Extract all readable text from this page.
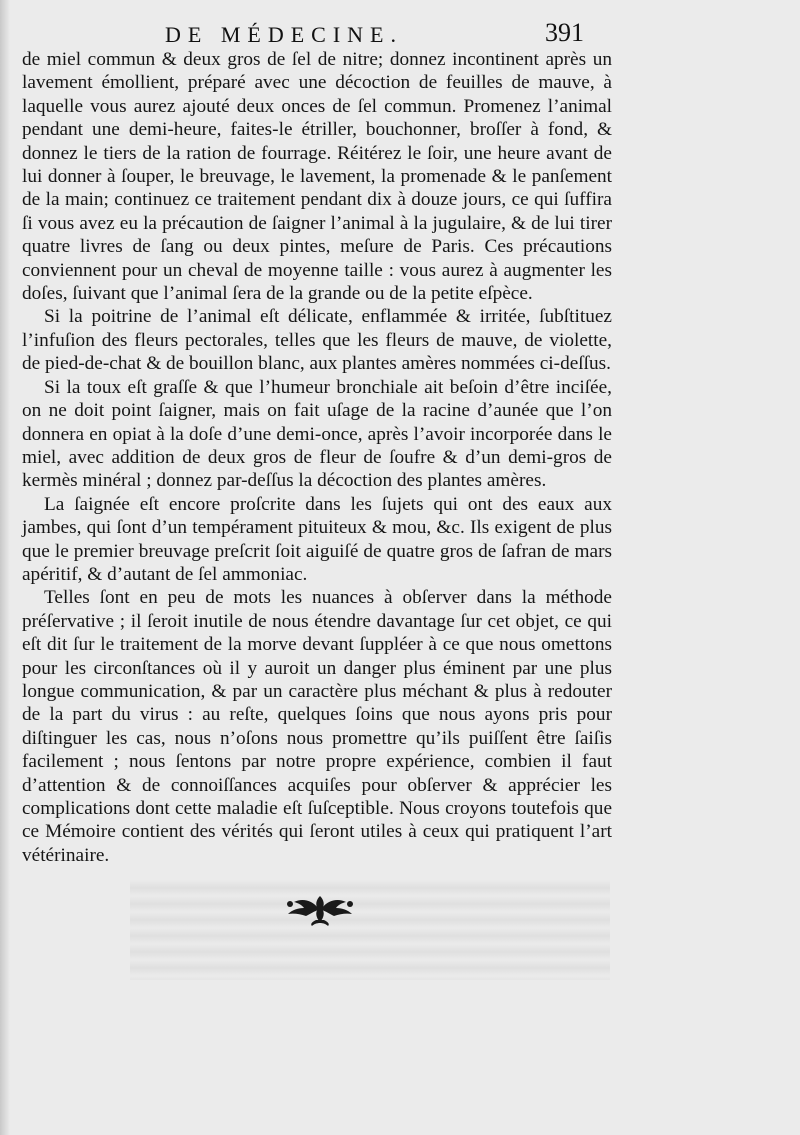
DE MÉDECINE.	391

de miel commun & deux gros de ſel de nitre; donnez incontinent après un lavement émollient, préparé avec une décoction de feuilles de mauve, à laquelle vous aurez ajouté deux onces de ſel commun. Promenez l’animal pendant une demi-heure, faites-le étriller, bouchonner, broſſer à fond, & donnez le tiers de la ration de fourrage. Réitérez le ſoir, une heure avant de lui donner à ſouper, le breuvage, le lavement, la promenade & le panſement de la main; continuez ce traitement pendant dix à douze jours, ce qui ſuffira ſi vous avez eu la précaution de ſaigner l’animal à la jugulaire, & de lui tirer quatre livres de ſang ou deux pintes, meſure de Paris. Ces précautions conviennent pour un cheval de moyenne taille : vous aurez à augmenter les doſes, ſuivant que l’animal ſera de la grande ou de la petite eſpèce.

Si la poitrine de l’animal eſt délicate, enflammée & irritée, ſubſtituez l’infuſion des fleurs pectorales, telles que les fleurs de mauve, de violette, de pied-de-chat & de bouillon blanc, aux plantes amères nommées ci-deſſus.

Si la toux eſt graſſe & que l’humeur bronchiale ait beſoin d’être inciſée, on ne doit point ſaigner, mais on fait uſage de la racine d’aunée que l’on donnera en opiat à la doſe d’une demi-once, après l’avoir incorporée dans le miel, avec addition de deux gros de fleur de ſoufre & d’un demi-gros de kermès minéral ; donnez par-deſſus la décoction des plantes amères.

La ſaignée eſt encore proſcrite dans les ſujets qui ont des eaux aux jambes, qui ſont d’un tempérament pituiteux & mou, &c. Ils exigent de plus que le premier breuvage preſcrit ſoit aiguiſé de quatre gros de ſafran de mars apéritif, & d’autant de ſel ammoniac.

Telles ſont en peu de mots les nuances à obſerver dans la méthode préſervative ; il ſeroit inutile de nous étendre davantage ſur cet objet, ce qui eſt dit ſur le traitement de la morve devant ſuppléer à ce que nous omettons pour les circonſtances où il y auroit un danger plus éminent par une plus longue communication, & par un caractère plus méchant & plus à redouter de la part du virus : au reſte, quelques ſoins que nous ayons pris pour diſtinguer les cas, nous n’oſons nous promettre qu’ils puiſſent être ſaiſis facilement ; nous ſentons par notre propre expérience, combien il faut d’attention & de connoiſſances acquiſes pour obſerver & apprécier les complications dont cette maladie eſt ſuſceptible. Nous croyons toutefois que ce Mémoire contient des vérités qui ſeront utiles à ceux qui pratiquent l’art vétérinaire.
